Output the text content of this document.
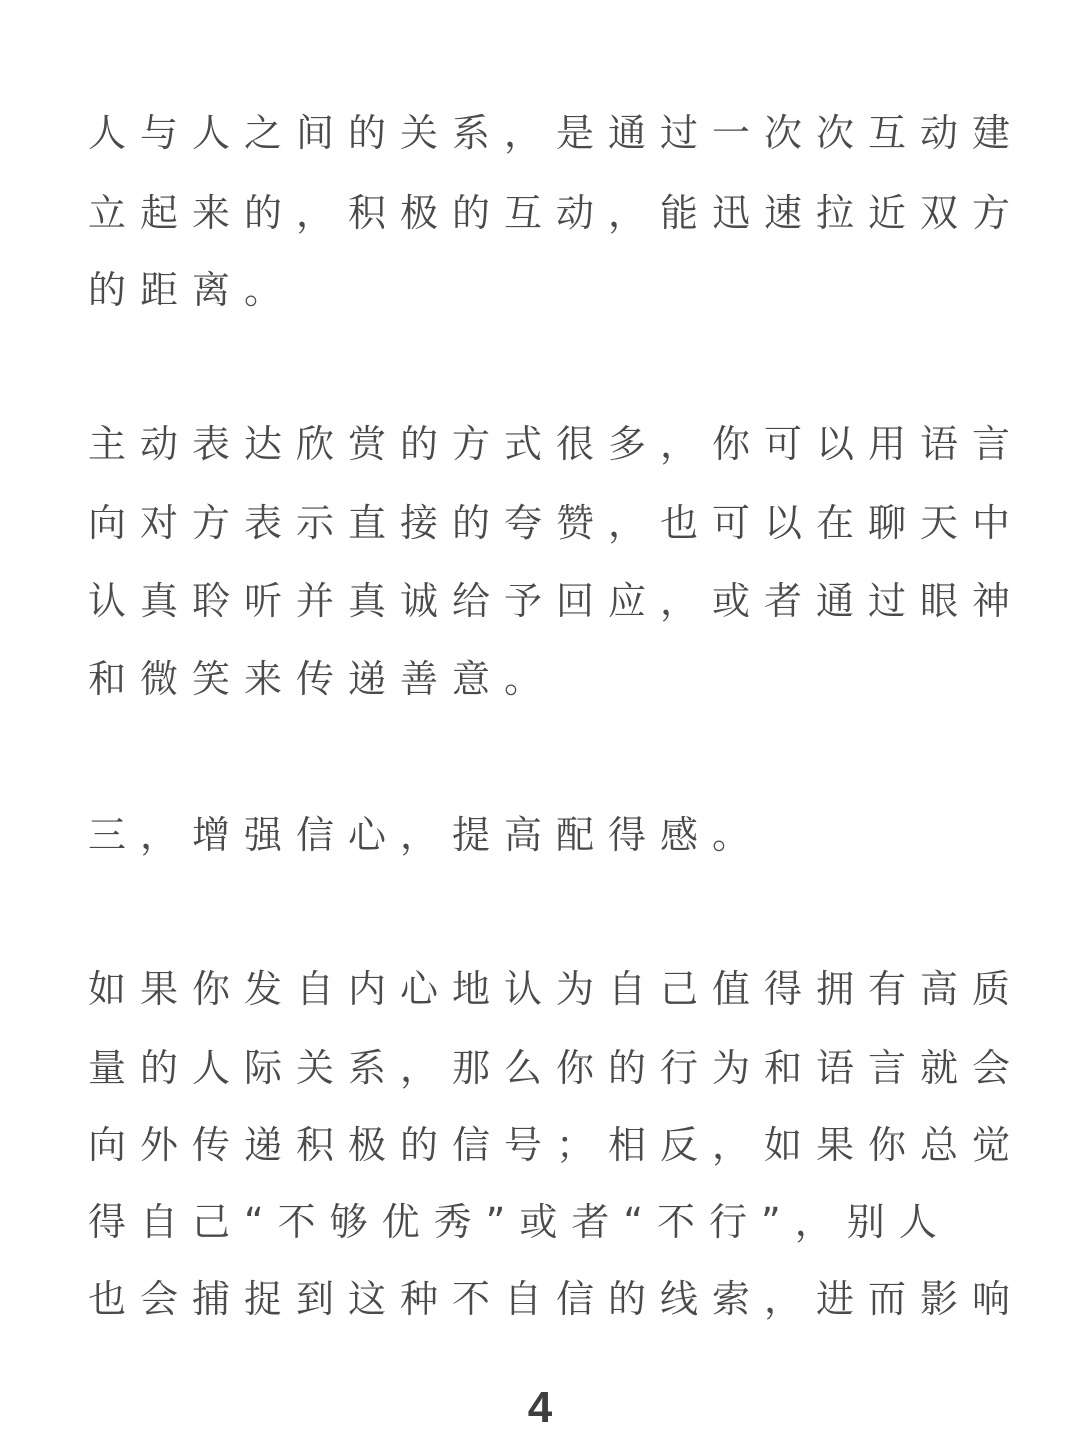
人与人之间的关系，是通过一次次互动建

立起来的，积极的互动，能迅速拉近双方

的距离。

主动表达欣赏的方式很多，你可以用语言

向对方表示直接的夸赞，也可以在聊天中

认真聆听并真诚给予回应，或者通过眼神

和微笑来传递善意。

三，增强信心，提高配得感。

如果你发自内心地认为自己值得拥有高质

量的人际关系，那么你的行为和语言就会

向外传递积极的信号；相反，如果你总觉

得自己“不够优秀”或者“不行”，别人

也会捕捉到这种不自信的线索，进而影响

4
